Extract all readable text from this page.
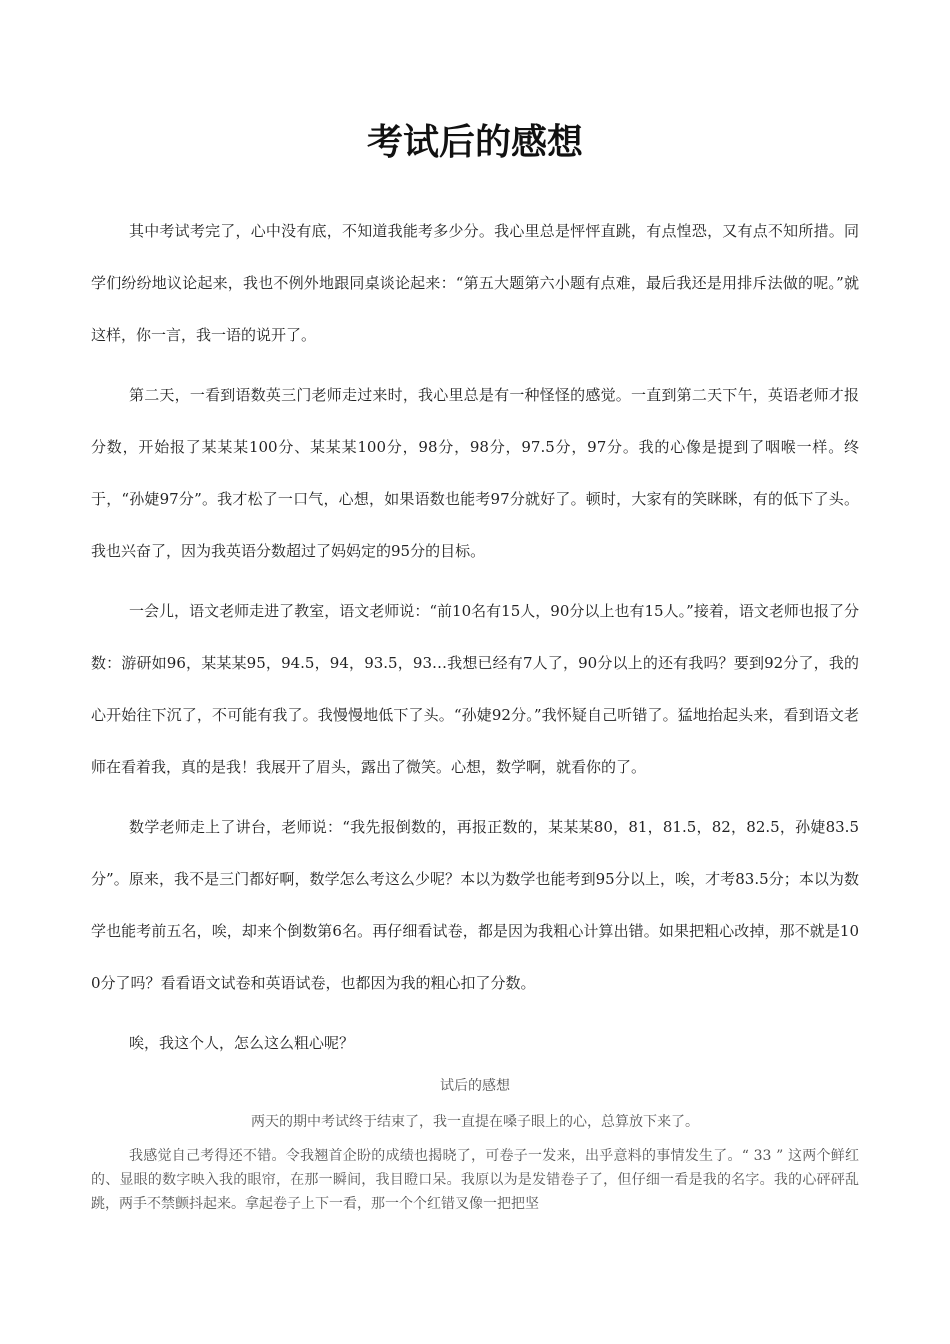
考试后的感想

其中考试考完了，心中没有底，不知道我能考多少分。我心里总是怦怦直跳，有点惶恐，又有点不知所措。同学们纷纷地议论起来，我也不例外地跟同桌谈论起来：“第五大题第六小题有点难，最后我还是用排斥法做的呢。”就这样，你一言，我一语的说开了。

第二天，一看到语数英三门老师走过来时，我心里总是有一种怪怪的感觉。一直到第二天下午，英语老师才报分数，开始报了某某某100分、某某某100分，98分，98分，97.5分，97分。我的心像是提到了咽喉一样。终于，“孙婕97分”。我才松了一口气，心想，如果语数也能考97分就好了。顿时，大家有的笑眯眯，有的低下了头。我也兴奋了，因为我英语分数超过了妈妈定的95分的目标。

一会儿，语文老师走进了教室，语文老师说：“前10名有15人，90分以上也有15人。”接着，语文老师也报了分数：游研如96，某某某95，94.5，94，93.5，93…我想已经有7人了，90分以上的还有我吗？要到92分了，我的心开始往下沉了，不可能有我了。我慢慢地低下了头。“孙婕92分。”我怀疑自己听错了。猛地抬起头来，看到语文老师在看着我，真的是我！我展开了眉头，露出了微笑。心想，数学啊，就看你的了。

数学老师走上了讲台，老师说：“我先报倒数的，再报正数的，某某某80，81，81.5，82，82.5，孙婕83.5分”。原来，我不是三门都好啊，数学怎么考这么少呢？本以为数学也能考到95分以上，唉，才考83.5分；本以为数学也能考前五名，唉，却来个倒数第6名。再仔细看试卷，都是因为我粗心计算出错。如果把粗心改掉，那不就是100分了吗？看看语文试卷和英语试卷，也都因为我的粗心扣了分数。

唉，我这个人，怎么这么粗心呢？

试后的感想

两天的期中考试终于结束了，我一直提在嗓子眼上的心，总算放下来了。

我感觉自己考得还不错。令我翘首企盼的成绩也揭晓了，可卷子一发来，出乎意料的事情发生了。“ 33 ” 这两个鲜红的、显眼的数字映入我的眼帘，在那一瞬间，我目瞪口呆。我原以为是发错卷子了，但仔细一看是我的名字。我的心砰砰乱跳，两手不禁颤抖起来。拿起卷子上下一看，那一个个红错叉像一把把坚
